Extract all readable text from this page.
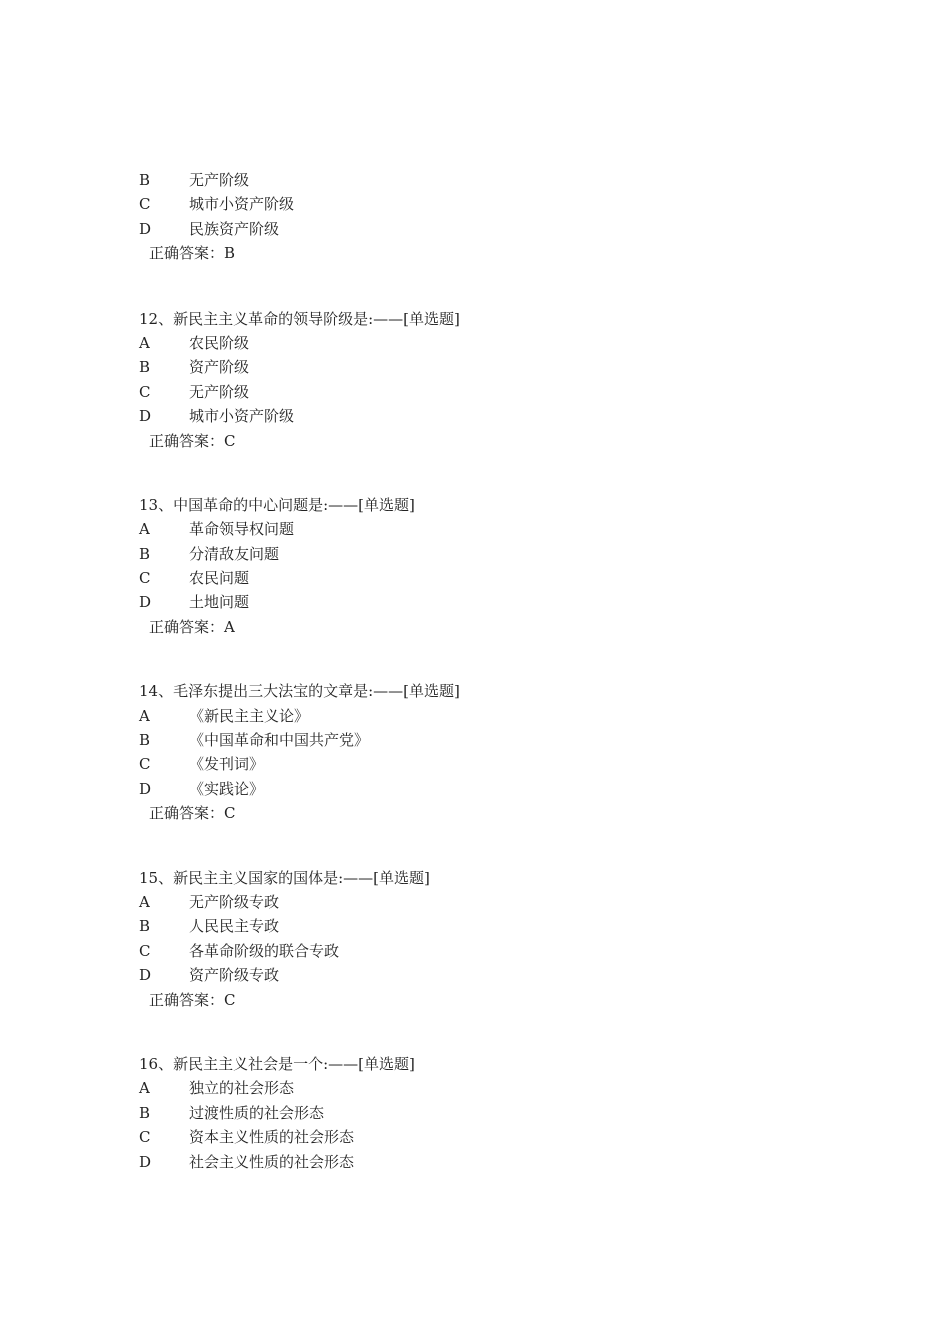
B	无产阶级
C	城市小资产阶级
D	民族资产阶级
正确答案：B
12、新民主主义革命的领导阶级是:——[单选题]
A	农民阶级
B	资产阶级
C	无产阶级
D	城市小资产阶级
正确答案：C
13、中国革命的中心问题是:——[单选题]
A	革命领导权问题
B	分清敌友问题
C	农民问题
D	土地问题
正确答案：A
14、毛泽东提出三大法宝的文章是:——[单选题]
A	《新民主主义论》
B	《中国革命和中国共产党》
C	《发刊词》
D	《实践论》
正确答案：C
15、新民主主义国家的国体是:——[单选题]
A	无产阶级专政
B	人民民主专政
C	各革命阶级的联合专政
D	资产阶级专政
正确答案：C
16、新民主主义社会是一个:——[单选题]
A	独立的社会形态
B	过渡性质的社会形态
C	资本主义性质的社会形态
D	社会主义性质的社会形态
